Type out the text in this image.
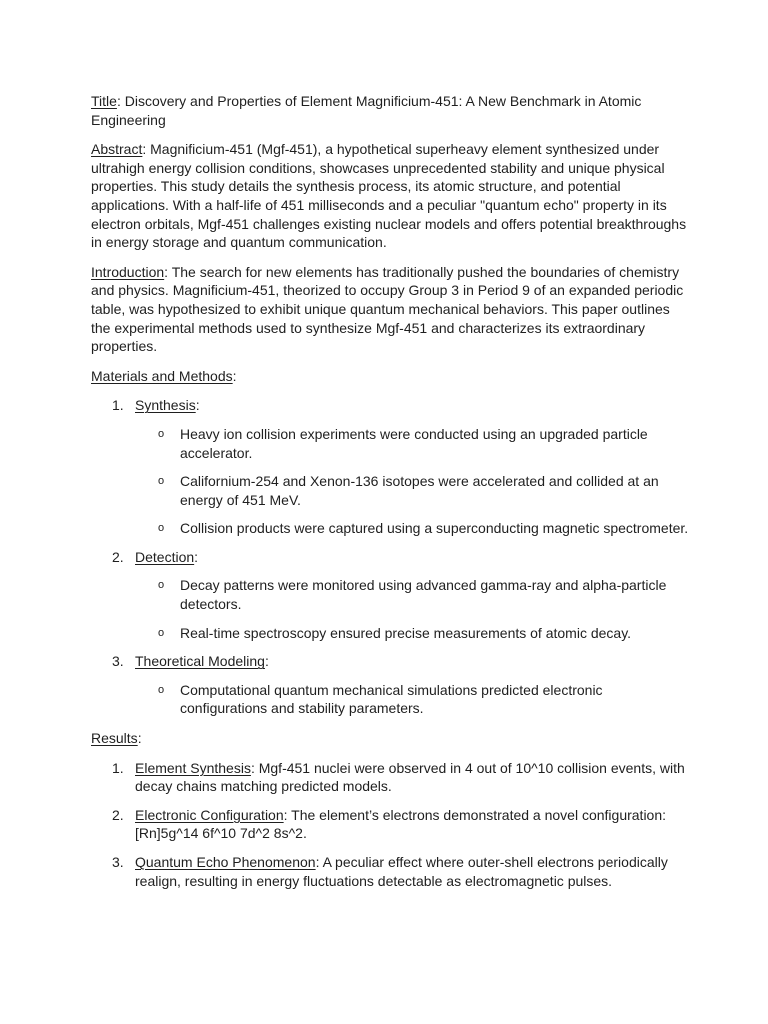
Title: Discovery and Properties of Element Magnificium-451: A New Benchmark in Atomic Engineering

Abstract: Magnificium-451 (Mgf-451), a hypothetical superheavy element synthesized under ultrahigh energy collision conditions, showcases unprecedented stability and unique physical properties. This study details the synthesis process, its atomic structure, and potential applications. With a half-life of 451 milliseconds and a peculiar "quantum echo" property in its electron orbitals, Mgf-451 challenges existing nuclear models and offers potential breakthroughs in energy storage and quantum communication.

Introduction: The search for new elements has traditionally pushed the boundaries of chemistry and physics. Magnificium-451, theorized to occupy Group 3 in Period 9 of an expanded periodic table, was hypothesized to exhibit unique quantum mechanical behaviors. This paper outlines the experimental methods used to synthesize Mgf-451 and characterizes its extraordinary properties.

Materials and Methods:

1. Synthesis:
o Heavy ion collision experiments were conducted using an upgraded particle accelerator.
o Californium-254 and Xenon-136 isotopes were accelerated and collided at an energy of 451 MeV.
o Collision products were captured using a superconducting magnetic spectrometer.
2. Detection:
o Decay patterns were monitored using advanced gamma-ray and alpha-particle detectors.
o Real-time spectroscopy ensured precise measurements of atomic decay.
3. Theoretical Modeling:
o Computational quantum mechanical simulations predicted electronic configurations and stability parameters.

Results:

1. Element Synthesis: Mgf-451 nuclei were observed in 4 out of 10^10 collision events, with decay chains matching predicted models.
2. Electronic Configuration: The element’s electrons demonstrated a novel configuration: [Rn]5g^14 6f^10 7d^2 8s^2.
3. Quantum Echo Phenomenon: A peculiar effect where outer-shell electrons periodically realign, resulting in energy fluctuations detectable as electromagnetic pulses.
